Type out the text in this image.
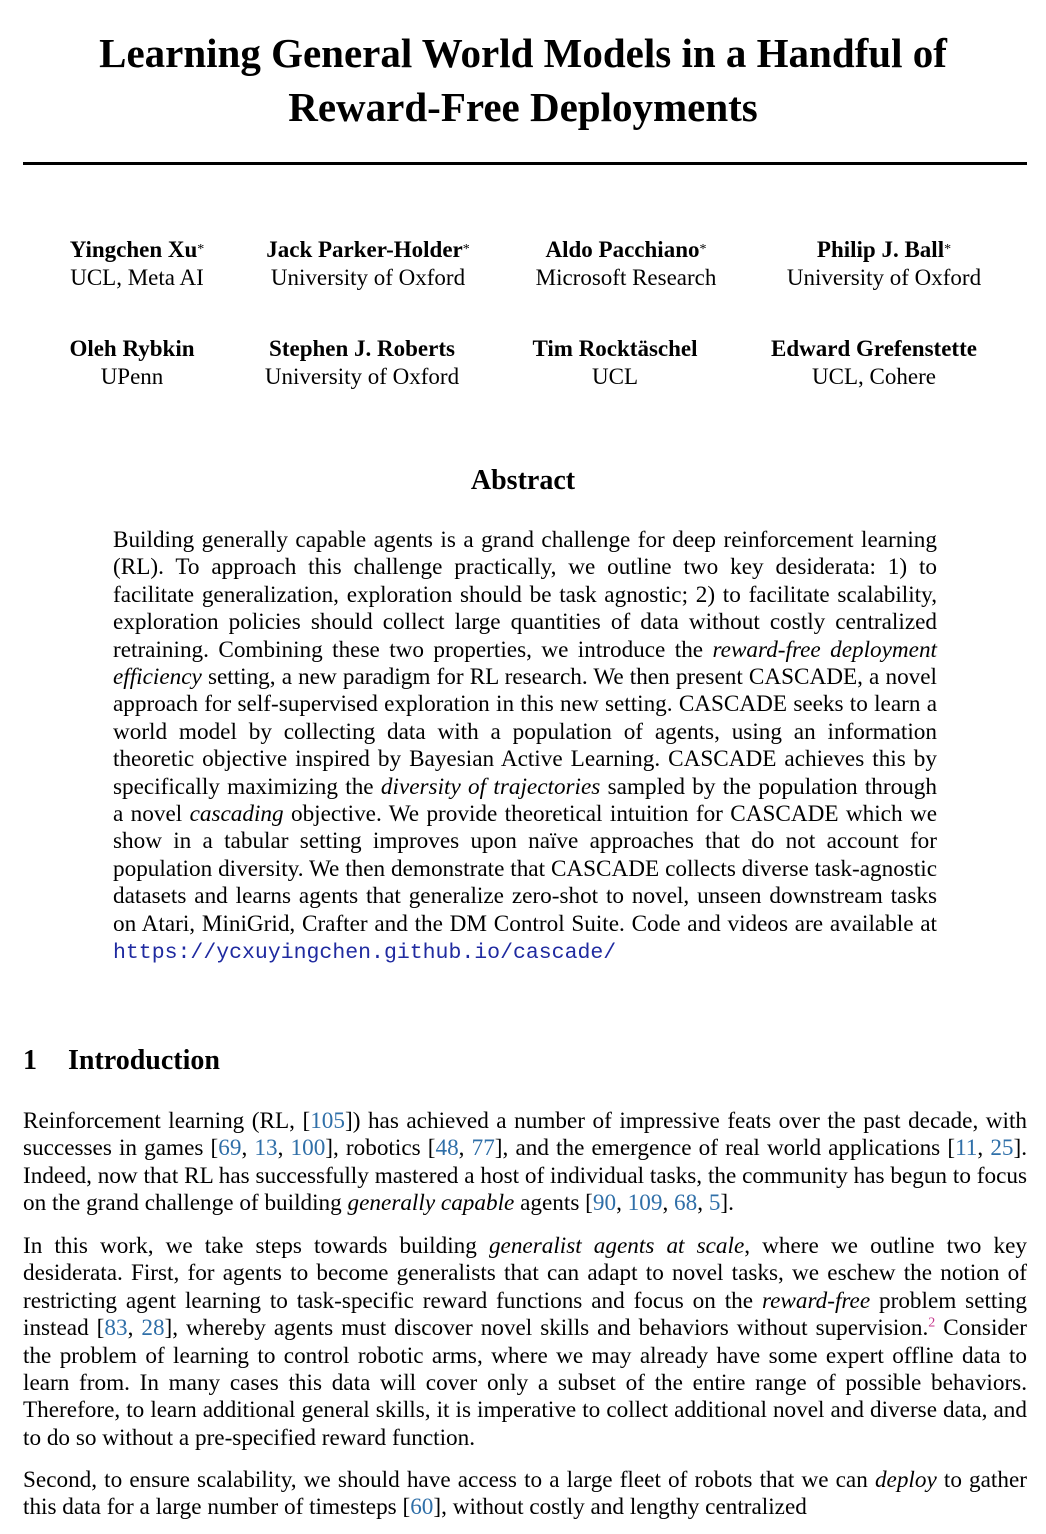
Learning General World Models in a Handful of
Reward-Free Deployments
Yingchen Xu*
UCL, Meta AI
Jack Parker-Holder*
University of Oxford
Aldo Pacchiano*
Microsoft Research
Philip J. Ball*
University of Oxford
Oleh Rybkin
UPenn
Stephen J. Roberts
University of Oxford
Tim Rocktäschel
UCL
Edward Grefenstette
UCL, Cohere
Abstract
Building generally capable agents is a grand challenge for deep reinforcement learning (RL). To approach this challenge practically, we outline two key desiderata: 1) to facilitate generalization, exploration should be task agnostic; 2) to facilitate scalability, exploration policies should collect large quantities of data without costly centralized retraining. Combining these two properties, we introduce the reward-free deployment efficiency setting, a new paradigm for RL research. We then present CASCADE, a novel approach for self-supervised exploration in this new setting. CASCADE seeks to learn a world model by collecting data with a population of agents, using an information theoretic objective inspired by Bayesian Active Learning. CASCADE achieves this by specifically maximizing the diversity of trajectories sampled by the population through a novel cascading objective. We provide theoretical intuition for CASCADE which we show in a tabular setting improves upon naïve approaches that do not account for population diversity. We then demonstrate that CASCADE collects diverse task-agnostic datasets and learns agents that generalize zero-shot to novel, unseen downstream tasks on Atari, MiniGrid, Crafter and the DM Control Suite. Code and videos are available at https://ycxuyingchen.github.io/cascade/
1 Introduction
Reinforcement learning (RL, [105]) has achieved a number of impressive feats over the past decade, with successes in games [69, 13, 100], robotics [48, 77], and the emergence of real world applications [11, 25]. Indeed, now that RL has successfully mastered a host of individual tasks, the community has begun to focus on the grand challenge of building generally capable agents [90, 109, 68, 5].
In this work, we take steps towards building generalist agents at scale, where we outline two key desiderata. First, for agents to become generalists that can adapt to novel tasks, we eschew the notion of restricting agent learning to task-specific reward functions and focus on the reward-free problem setting instead [83, 28], whereby agents must discover novel skills and behaviors without supervision.$^2$ Consider the problem of learning to control robotic arms, where we may already have some expert offline data to learn from. In many cases this data will cover only a subset of the entire range of possible behaviors. Therefore, to learn additional general skills, it is imperative to collect additional novel and diverse data, and to do so without a pre-specified reward function.
Second, to ensure scalability, we should have access to a large fleet of robots that we can deploy to gather this data for a large number of timesteps [60], without costly and lengthy centralized
